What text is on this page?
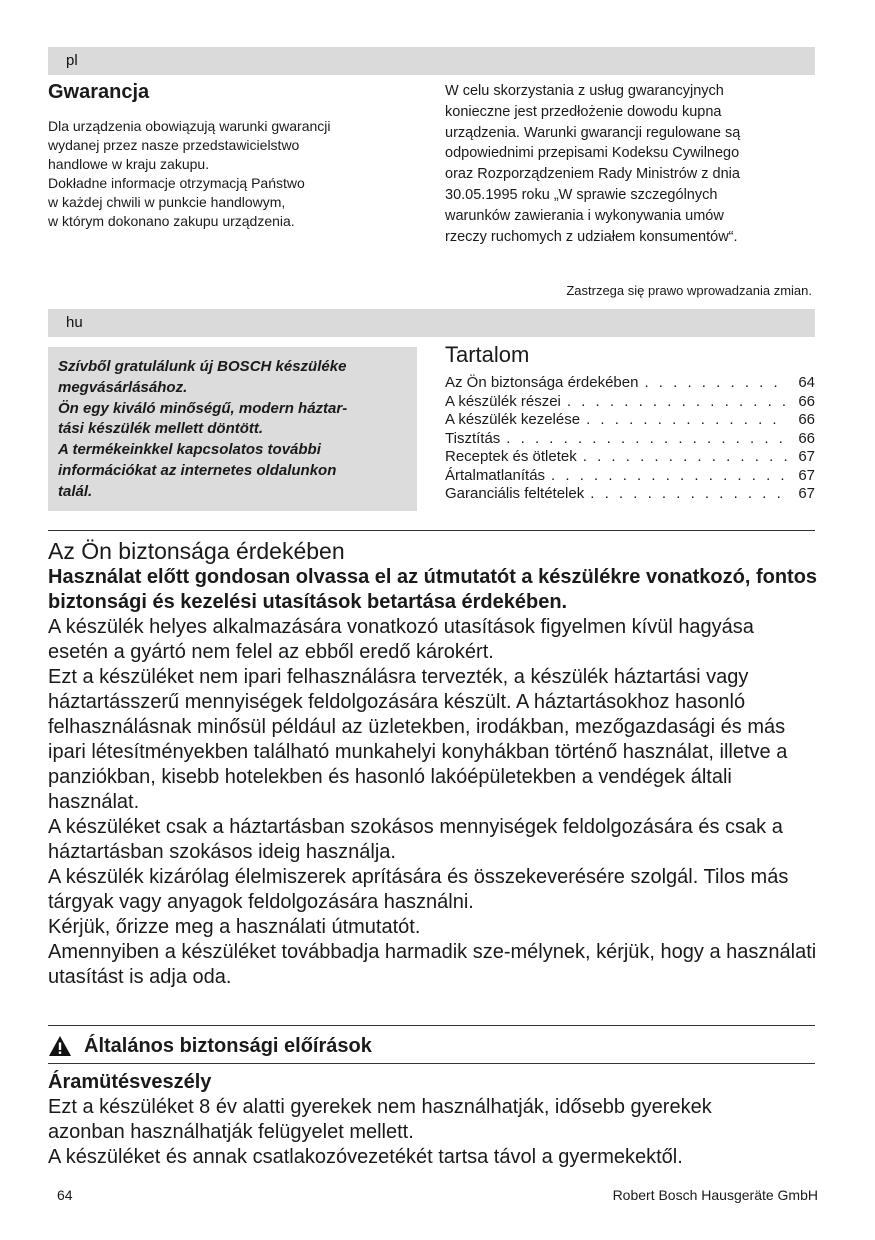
pl
Gwarancja

Dla urządzenia obowiązują warunki gwarancji
wydanej przez nasze przedstawicielstwo
handlowe w kraju zakupu.
Dokładne informacje otrzymacją Państwo
w każdej chwili w punkcie handlowym,
w którym dokonano zakupu urządzenia.

W celu skorzystania z usług gwarancyjnych
konieczne jest przedłożenie dowodu kupna
urządzenia. Warunki gwarancji regulowane są
odpowiednimi przepisami Kodeksu Cywilnego
oraz Rozporządzeniem Rady Ministrów z dnia
30.05.1995 roku „W sprawie szczególnych
warunków zawierania i wykonywania umów
rzeczy ruchomych z udziałem konsumentów“.

Zastrzega się prawo wprowadzania zmian.
hu

Szívből gratulálunk új BOSCH készüléke
megvásárlásához.
Ön egy kiváló minőségű, modern háztar-
tási készülék mellett döntött.
A termékeinkkel kapcsolatos további
információkat az internetes oldalunkon
talál.

Tartalom
Az Ön biztonsága érdekében . . .	64
A készülék részei . . .	66
A készülék kezelése . . .	66
Tisztítás . . .	66
Receptek és ötletek . . .	67
Ártalmatlanítás . . .	67
Garanciális feltételek . . .	67
Az Ön biztonsága érdekében

Használat előtt gondosan olvassa el az útmutatót a készülékre vonatkozó, fontos biztonsági és kezelési utasítások betartása érdekében.

A készülék helyes alkalmazására vonatkozó utasítások figyelmen kívül hagyása esetén a gyártó nem felel az ebből eredő károkért.

Ezt a készüléket nem ipari felhasználásra tervezték, a készülék háztartási vagy háztartásszerű mennyiségek feldolgozására készült. A háztartásokhoz hasonló felhasználásnak minősül például az üzletekben, irodákban, mezőgazdasági és más ipari létesítményekben található munkahelyi konyhákban történő használat, illetve a panziókban, kisebb hotelekben és hasonló lakóépületekben a vendégek általi használat.

A készüléket csak a háztartásban szokásos mennyiségek feldolgozására és csak a háztartásban szokásos ideig használja.

A készülék kizárólag élelmiszerek aprítására és összekeverésére szolgál. Tilos más tárgyak vagy anyagok feldolgozására használni.

Kérjük, őrizze meg a használati útmutatót.

Amennyiben a készüléket továbbadja harmadik sze-mélynek, kérjük, hogy a használati utasítást is adja oda.

Általános biztonsági előírások
Áramütésveszély

Ezt a készüléket 8 év alatti gyerekek nem használhatják, idősebb gyerekek
azonban használhatják felügyelet mellett.
A készüléket és annak csatlakozóvezetékét tartsa távol a gyermekektől.

64	Robert Bosch Hausgeräte GmbH
